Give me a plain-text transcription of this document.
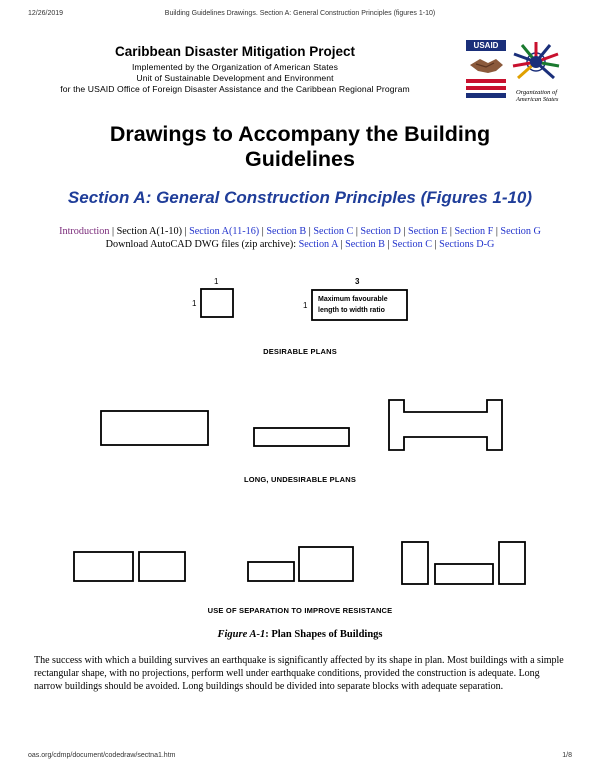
12/26/2019	Building Guidelines Drawings. Section A: General Construction Principles (figures 1-10)
Caribbean Disaster Mitigation Project
Implemented by the Organization of American States
Unit of Sustainable Development and Environment
for the USAID Office of Foreign Disaster Assistance and the Caribbean Regional Program
USAID
Organization of
American States
Drawings to Accompany the Building
Guidelines
Section A: General Construction Principles (Figures 1-10)
Introduction | Section A(1-10) | Section A(11-16) | Section B | Section C | Section D | Section E | Section F | Section G
Download AutoCAD DWG files (zip archive): Section A | Section B | Section C | Sections D-G
1
1
3
1
Maximum favourable
length to width ratio
DESIRABLE PLANS
LONG, UNDESIRABLE PLANS
USE OF SEPARATION TO IMPROVE RESISTANCE
Figure A-1: Plan Shapes of Buildings
The success with which a building survives an earthquake is significantly affected by its shape in plan. Most buildings with a simple rectangular shape, with no projections, perform well under earthquake conditions, provided the construction is adequate. Long narrow buildings should be avoided. Long buildings should be divided into separate blocks with adequate separation.
oas.org/cdmp/document/codedraw/sectna1.htm	1/8
